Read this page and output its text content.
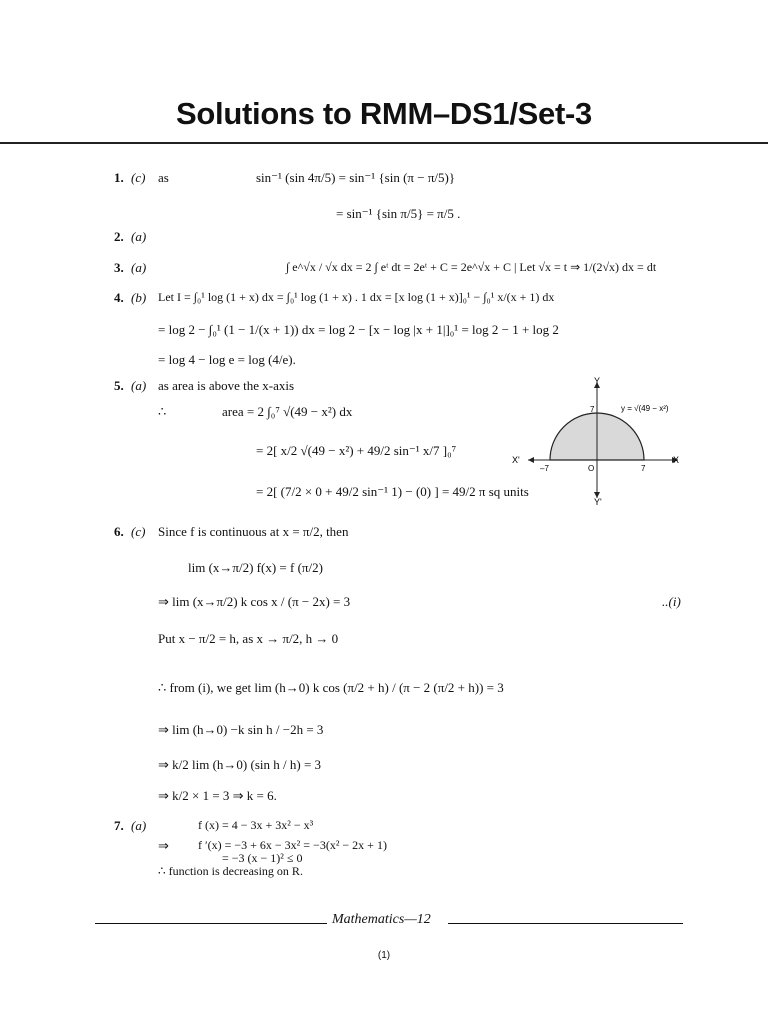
Solutions to RMM–DS1/Set-3
1. (c) as	sin⁻¹ (sin 4π/5) = sin⁻¹ {sin (π − π/5)}
= sin⁻¹ {sin π/5} = π/5 .
2. (a)
3. (a)	∫ e^√x / √x dx = 2 ∫ eᵗ dt = 2eᵗ + C = 2e^√x + C | Let √x = t ⇒ 1/(2√x) dx = dt
4. (b) Let I = ∫₀¹ log (1 + x) dx = ∫₀¹ log (1 + x) . 1 dx = [x log (1 + x)]₀¹ − ∫₀¹ x/(x + 1) dx
= log 2 − ∫₀¹ (1 − 1/(x + 1)) dx = log 2 − [x − log |x + 1|]₀¹ = log 2 − 1 + log 2
= log 4 − log e = log (4/e).
5. (a) as area is above the x-axis
∴	area = 2 ∫₀⁷ √(49 − x²) dx
= 2[ x/2 √(49 − x²) + 49/2 sin⁻¹ x/7 ]₀⁷
= 2[ (7/2 × 0 + 49/2 sin⁻¹ 1) − (0) ] = 49/2 π sq units
Y
Y'
X
X'
O
–7	7
7	y = √(49 − x²)
6. (c) Since f is continuous at x = π/2, then
lim (x→π/2) f(x) = f (π/2)
⇒ lim (x→π/2) k cos x / (π − 2x) = 3	..(i)
Put x − π/2 = h, as x → π/2, h → 0
∴ from (i), we get lim (h→0) k cos (π/2 + h) / (π − 2 (π/2 + h)) = 3
⇒ lim (h→0) −k sin h / −2h = 3
⇒ k/2 lim (h→0) (sin h / h) = 3
⇒ k/2 × 1 = 3 ⇒ k = 6.
7. (a)	f (x) = 4 − 3x + 3x² − x³
⇒ f ′(x) = −3 + 6x − 3x² = −3(x² − 2x + 1)
= −3 (x − 1)² ≤ 0
∴ function is decreasing on R.
Mathematics—12
(1)
